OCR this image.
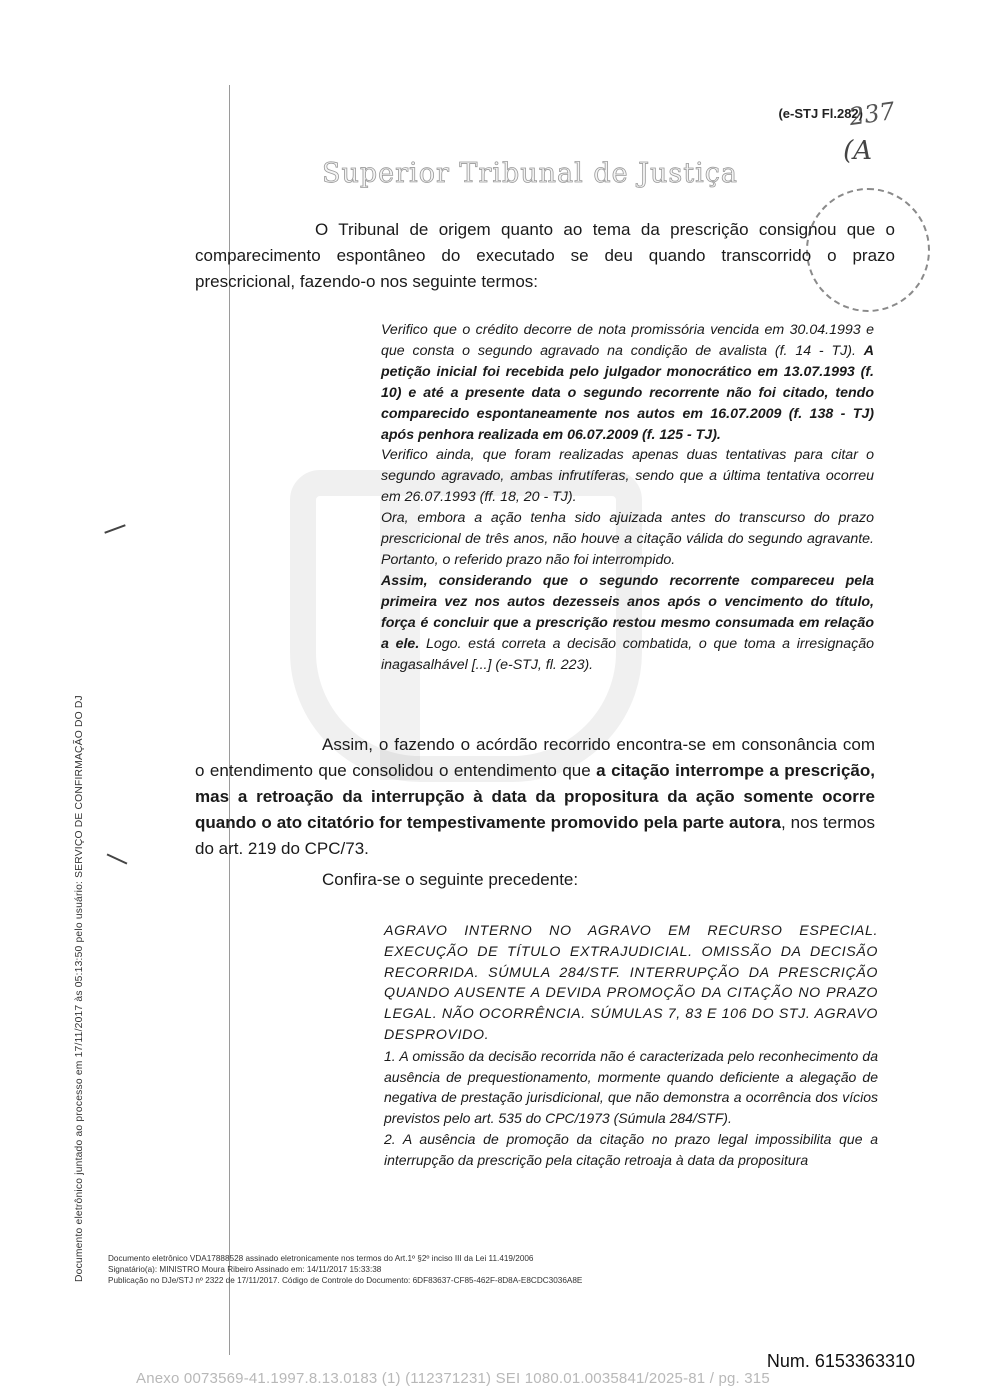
(e-STJ Fl.282)
237
(A
Superior Tribunal de Justiça
O Tribunal de origem quanto ao tema da prescrição consignou que o comparecimento espontâneo do executado se deu quando transcorrido o prazo prescricional, fazendo-o nos seguinte termos:

Verifico que o crédito decorre de nota promissória vencida em 30.04.1993 e que consta o segundo agravado na condição de avalista (f. 14 - TJ). A petição inicial foi recebida pelo julgador monocrático em 13.07.1993 (f. 10) e até a presente data o segundo recorrente não foi citado, tendo comparecido espontaneamente nos autos em 16.07.2009 (f. 138 - TJ) após penhora realizada em 06.07.2009 (f. 125 - TJ).

Verifico ainda, que foram realizadas apenas duas tentativas para citar o segundo agravado, ambas infrutíferas, sendo que a última tentativa ocorreu em 26.07.1993 (ff. 18, 20 - TJ).

Ora, embora a ação tenha sido ajuizada antes do transcurso do prazo prescricional de três anos, não houve a citação válida do segundo agravante. Portanto, o referido prazo não foi interrompido.

Assim, considerando que o segundo recorrente compareceu pela primeira vez nos autos dezesseis anos após o vencimento do título, força é concluir que a prescrição restou mesmo consumada em relação a ele. Logo. está correta a decisão combatida, o que toma a irresignação inagasalhável [...] (e-STJ, fl. 223).

Assim, o fazendo o acórdão recorrido encontra-se em consonância com o entendimento que consolidou o entendimento que a citação interrompe a prescrição, mas a retroação da interrupção à data da propositura da ação somente ocorre quando o ato citatório for tempestivamente promovido pela parte autora, nos termos do art. 219 do CPC/73.
Confira-se o seguinte precedente:

AGRAVO INTERNO NO AGRAVO EM RECURSO ESPECIAL. EXECUÇÃO DE TÍTULO EXTRAJUDICIAL. OMISSÃO DA DECISÃO RECORRIDA. SÚMULA 284/STF. INTERRUPÇÃO DA PRESCRIÇÃO QUANDO AUSENTE A DEVIDA PROMOÇÃO DA CITAÇÃO NO PRAZO LEGAL. NÃO OCORRÊNCIA. SÚMULAS 7, 83 E 106 DO STJ. AGRAVO DESPROVIDO.

1. A omissão da decisão recorrida não é caracterizada pelo reconhecimento da ausência de prequestionamento, mormente quando deficiente a alegação de negativa de prestação jurisdicional, que não demonstra a ocorrência dos vícios previstos pelo art. 535 do CPC/1973 (Súmula 284/STF).

2. A ausência de promoção da citação no prazo legal impossibilita que a interrupção da prescrição pela citação retroaja à data da propositura

Documento eletrônico juntado ao processo em 17/11/2017 às 05:13:50 pelo usuário: SERVIÇO DE CONFIRMAÇÃO DO DJ	Documento eletrônico VDA17888528 assinado eletronicamente nos termos do Art.1º §2º inciso III da Lei 11.419/2006
Signatário(a): MINISTRO Moura Ribeiro Assinado em: 14/11/2017 15:33:38
Publicação no DJe/STJ nº 2322 de 17/11/2017. Código de Controle do Documento: 6DF83637-CF85-462F-8D8A-E8CDC3036A8E
Num. 6153363310
Anexo 0073569-41.1997.8.13.0183 (1) (112371231) SEI 1080.01.0035841/2025-81 / pg. 315
